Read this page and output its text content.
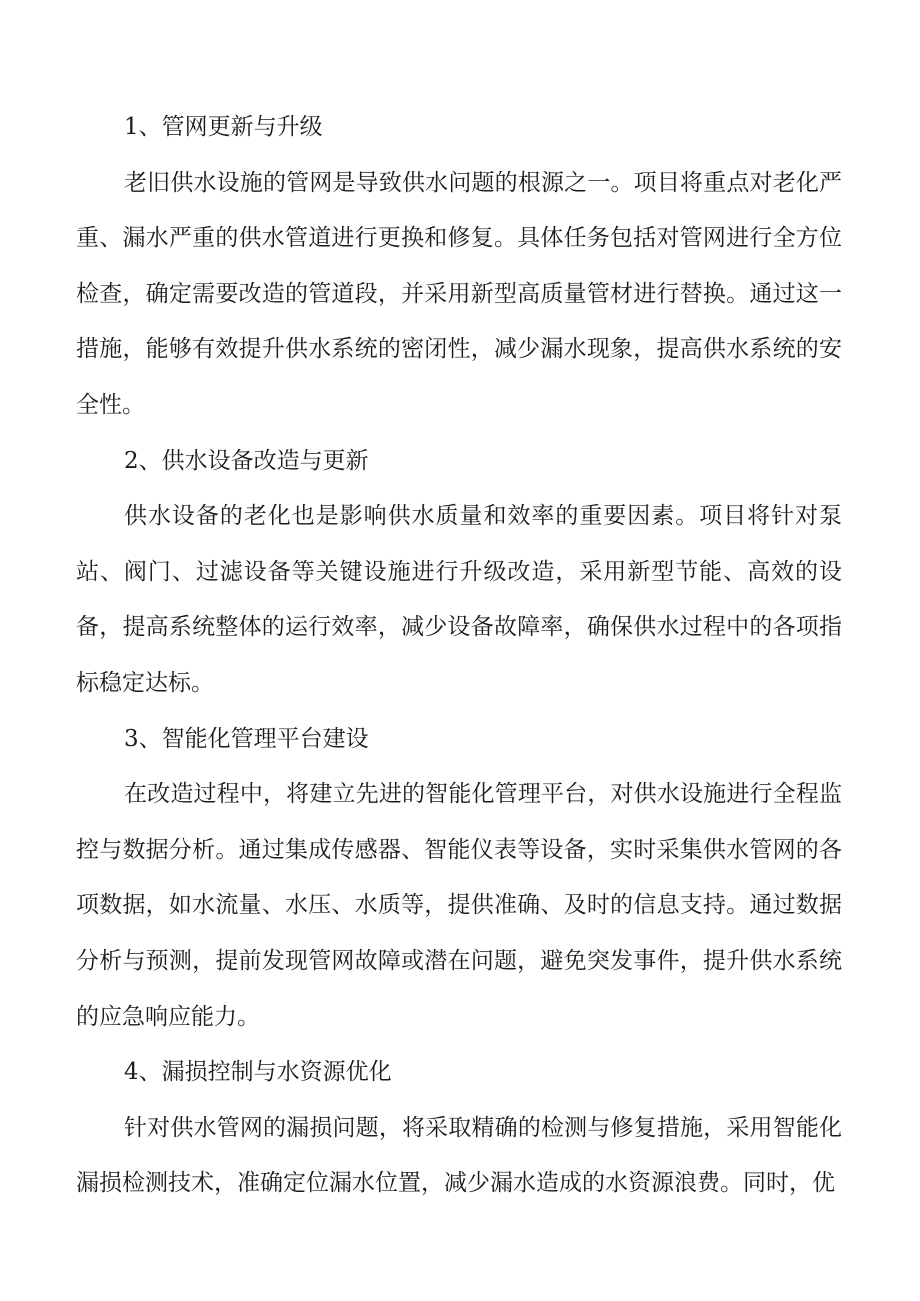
1、管网更新与升级

老旧供水设施的管网是导致供水问题的根源之一。项目将重点对老化严重、漏水严重的供水管道进行更换和修复。具体任务包括对管网进行全方位检查，确定需要改造的管道段，并采用新型高质量管材进行替换。通过这一措施，能够有效提升供水系统的密闭性，减少漏水现象，提高供水系统的安全性。

2、供水设备改造与更新

供水设备的老化也是影响供水质量和效率的重要因素。项目将针对泵站、阀门、过滤设备等关键设施进行升级改造，采用新型节能、高效的设备，提高系统整体的运行效率，减少设备故障率，确保供水过程中的各项指标稳定达标。

3、智能化管理平台建设

在改造过程中，将建立先进的智能化管理平台，对供水设施进行全程监控与数据分析。通过集成传感器、智能仪表等设备，实时采集供水管网的各项数据，如水流量、水压、水质等，提供准确、及时的信息支持。通过数据分析与预测，提前发现管网故障或潜在问题，避免突发事件，提升供水系统的应急响应能力。

4、漏损控制与水资源优化

针对供水管网的漏损问题，将采取精确的检测与修复措施，采用智能化漏损检测技术，准确定位漏水位置，减少漏水造成的水资源浪费。同时，优
